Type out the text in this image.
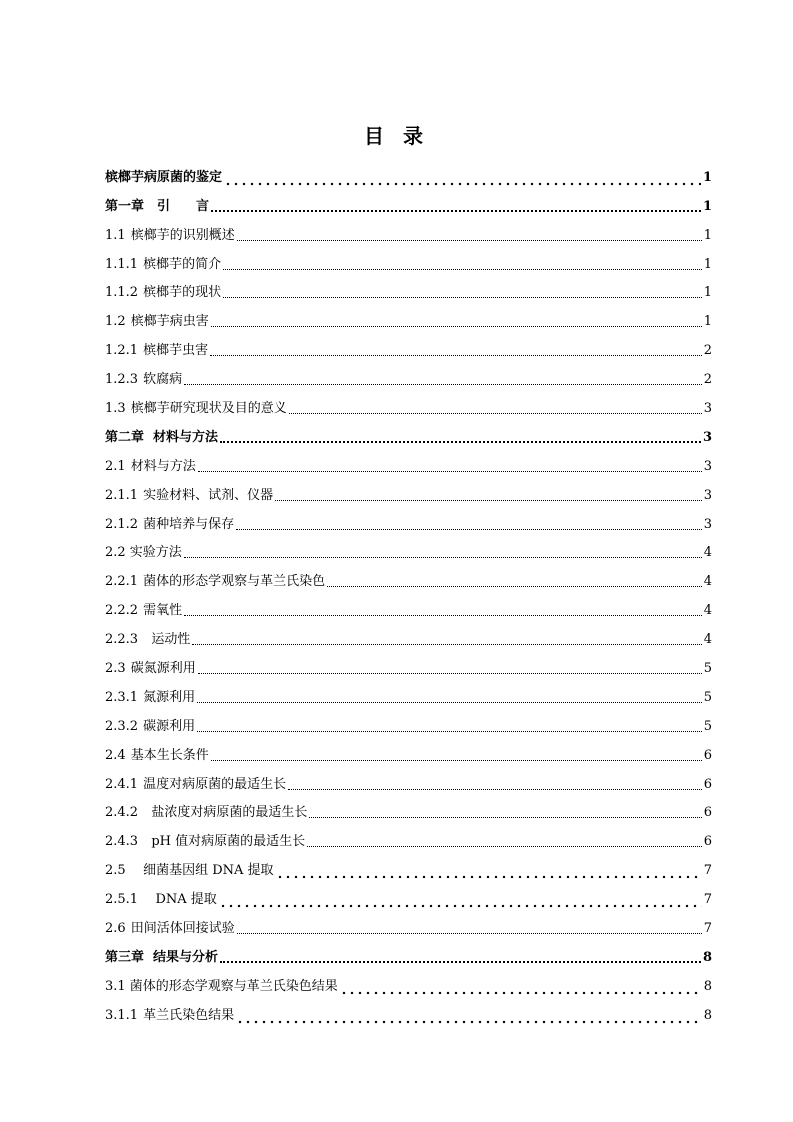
目 录
槟榔芋病原菌的鉴定	1
第一章　引　　言	1
1.1 槟榔芋的识别概述	1
1.1.1 槟榔芋的简介	1
1.1.2 槟榔芋的现状	1
1.2 槟榔芋病虫害	1
1.2.1 槟榔芋虫害	2
1.2.3 软腐病	2
1.3 槟榔芋研究现状及目的意义	3
第二章  材料与方法	3
2.1 材料与方法	3
2.1.1 实验材料、试剂、仪器	3
2.1.2 菌种培养与保存	3
2.2 实验方法	4
2.2.1 菌体的形态学观察与革兰氏染色	4
2.2.2 需氧性	4
2.2.3  运动性	4
2.3 碳氮源利用	5
2.3.1 氮源利用	5
2.3.2 碳源利用	5
2.4 基本生长条件	6
2.4.1 温度对病原菌的最适生长	6
2.4.2  盐浓度对病原菌的最适生长	6
2.4.3  pH 值对病原菌的最适生长	6
2.5   细菌基因组 DNA 提取	7
2.5.1   DNA 提取	7
2.6 田间活体回接试验	7
第三章  结果与分析	8
3.1 菌体的形态学观察与革兰氏染色结果	8
3.1.1 革兰氏染色结果	8
